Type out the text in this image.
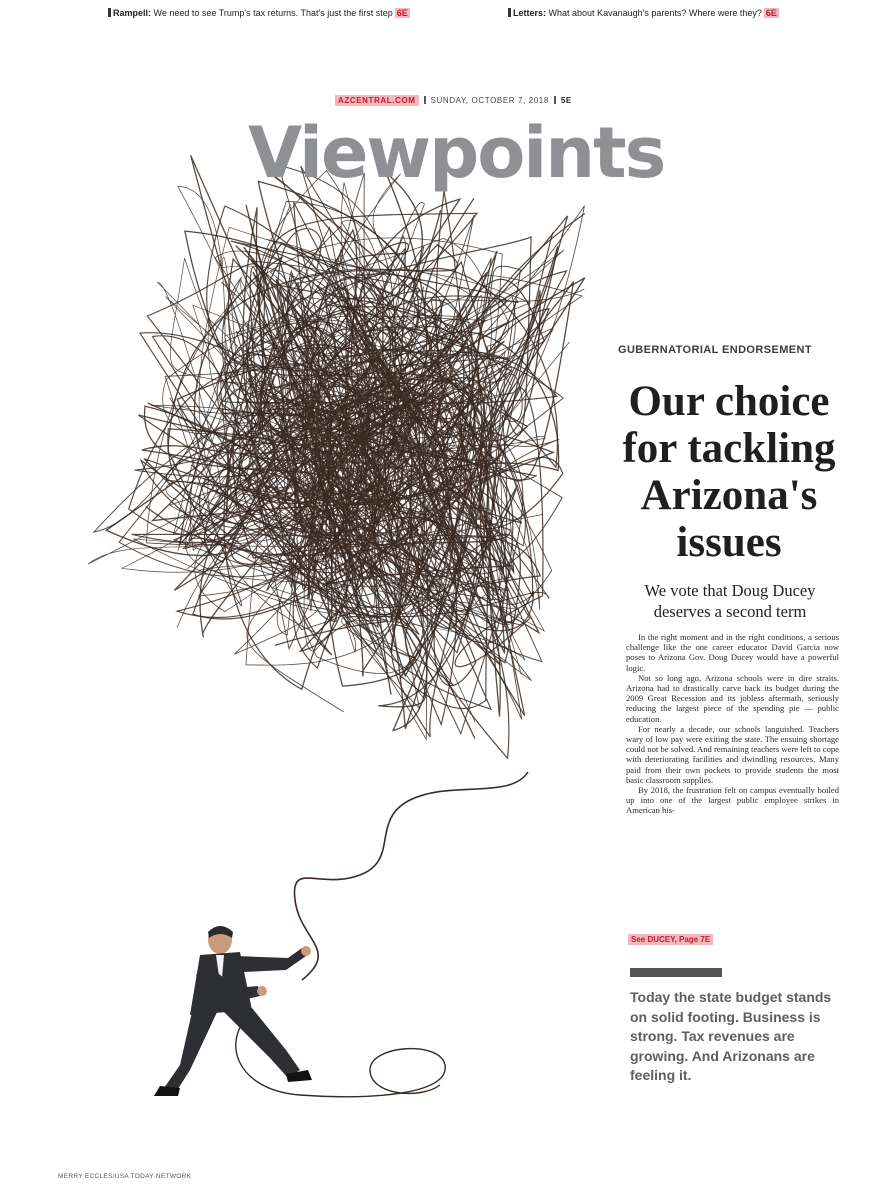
Rampell: We need to see Trump's tax returns. That's just the first step 6E	Letters: What about Kavanaugh's parents? Where were they? 6E
AZCENTRAL.COM SUNDAY, OCTOBER 7, 2018 5E
Viewpoints
GUBERNATORIAL ENDORSEMENT
Our choice
for tackling
Arizona's
issues
We vote that Doug Ducey
deserves a second term

In the right moment and in the right conditions, a serious challenge like the one career educator David Garcia now poses to Arizona Gov. Doug Ducey would have a powerful logic.

Not so long ago, Arizona schools were in dire straits. Arizona had to drastically carve back its budget during the 2009 Great Recession and its jobless aftermath, seriously reducing the largest piece of the spending pie — public education.

For nearly a decade, our schools languished. Teachers wary of low pay were exiting the state. The ensuing shortage could not be solved. And remaining teachers were left to cope with deteriorating facilities and dwindling resources. Many paid from their own pockets to provide students the most basic classroom supplies.

By 2018, the frustration felt on campus eventually boiled up into one of the largest public employee strikes in American his-

See DUCEY, Page 7E
Today the state budget stands on solid footing. Business is strong. Tax revenues are growing. And Arizonans are feeling it.
MERRY ECCLES/USA TODAY NETWORK
